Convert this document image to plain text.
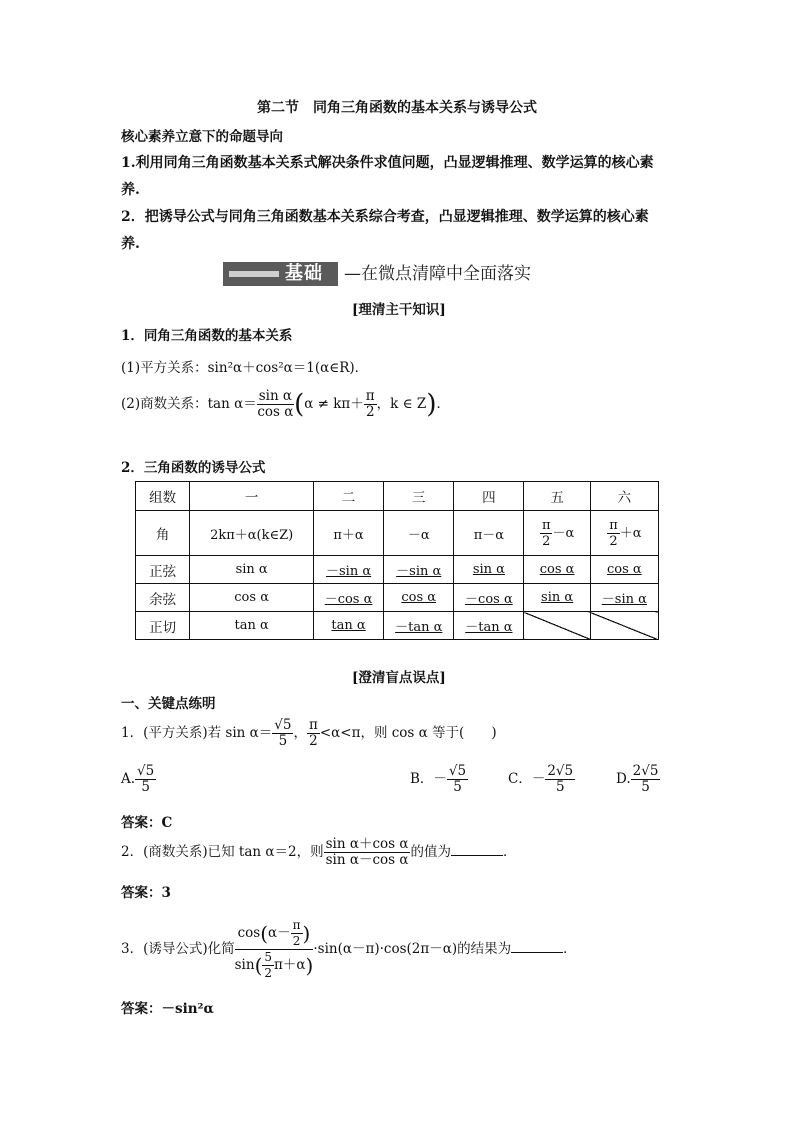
第二节　同角三角函数的基本关系与诱导公式
核心素养立意下的命题导向
1.利用同角三角函数基本关系式解决条件求值问题，凸显逻辑推理、数学运算的核心素
养.
2．把诱导公式与同角三角函数基本关系综合考查，凸显逻辑推理、数学运算的核心素
养.
基础 —在微点清障中全面落实
[理清主干知识]
1．同角三角函数的基本关系
(1)平方关系：sin²α＋cos²α＝1(α∈R)．
(2)商数关系：$\tan \alpha= \frac{\text{sin α}}{\text{cos α}} (\alpha \ne k\pi+ \frac{\pi}{2}$ ，k ∈ Z)．
2．三角函数的诱导公式
组数	一	二	三	四	五	六
角	2kπ＋α(k∈Z)	π＋α	－α	π－α	$\frac{\pi}{2} -\alpha$	$\frac{\pi}{2} +\alpha$
正弦	sin α	－sin α	－sin α	sin α	cos α	cos α
余弦	cos α	－cos α	cos α	－cos α	sin α	－sin α
正切	tan α	tan α	－tan α	－tan α		
[澄清盲点误点]
一、关键点练明
1．(平方关系)若 $\sin \alpha= \frac{√5}{5}$ ， $\frac{\pi}{2} <\alpha<\pi$，则 cos α 等于(　　)
A. $\frac{√5}{5}$	B．－ $\frac{√5}{5}$	C．－ $\frac{2√5}{5}$	D. $\frac{2√5}{5}$
答案：C
2．(商数关系)已知 tan α＝2，则 $\frac{\text{sin α＋cos α}}{\text{sin α－cos α}}$ 的值为	．
答案：3
3．(诱导公式)化简 $\frac{\cos(\alpha- \frac{\pi}{2} )}{\sin( \frac{5}{2} \pi+\alpha)} \cdot\sin(\alpha-\pi)\cdot\cos(2\pi-\alpha)$的结果为	．
答案：－sin²α
